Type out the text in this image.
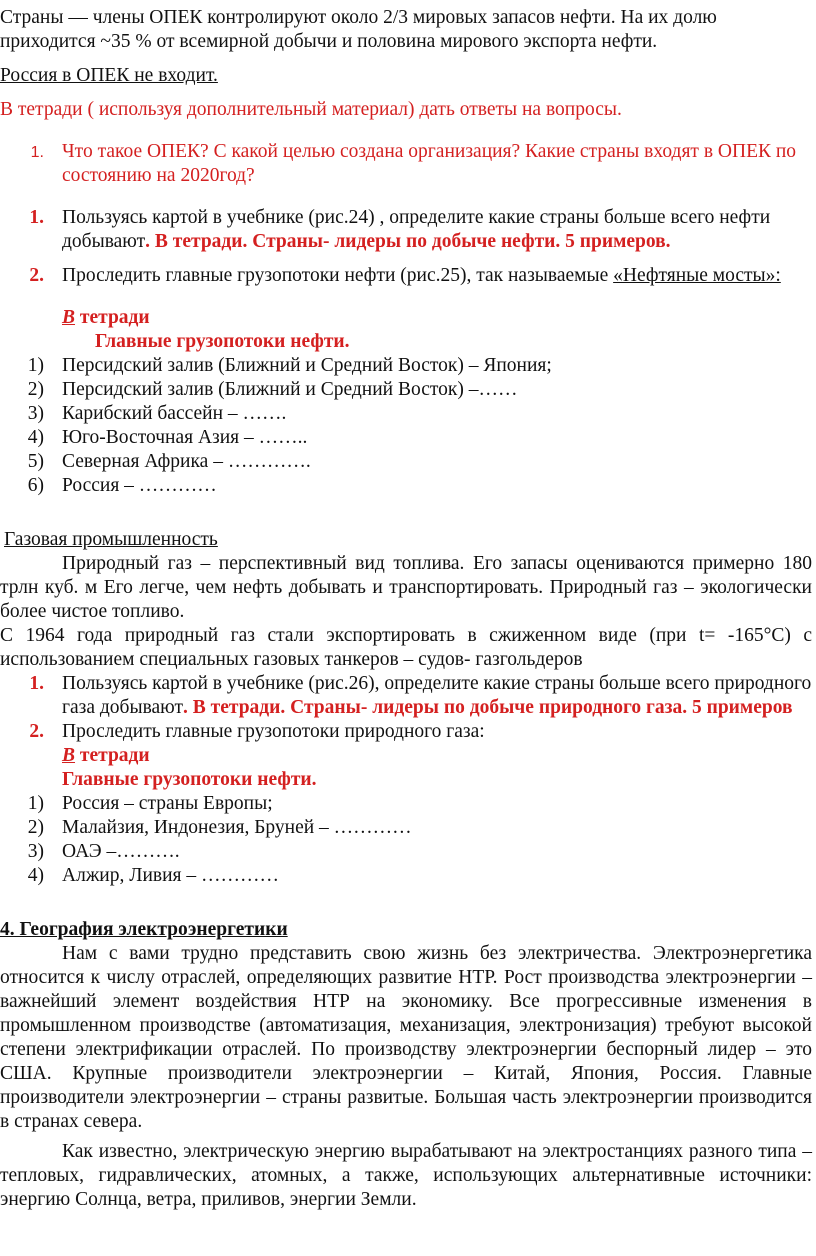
Страны — члены ОПЕК контролируют около 2/3 мировых запасов нефти. На их долю приходится ~35 % от всемирной добычи и половина мирового экспорта нефти.

Россия в ОПЕК не входит.

В тетради ( используя дополнительный материал) дать ответы на вопросы.

1. Что такое ОПЕК? С какой целью создана организация? Какие страны входят в ОПЕК по состоянию на 2020год?
1. Пользуясь картой в учебнике (рис.24) , определите какие страны больше всего нефти добывают. В тетради. Страны- лидеры по добыче нефти. 5 примеров.
2. Проследить главные грузопотоки нефти (рис.25), так называемые «Нефтяные мосты»:
В тетради
Главные грузопотоки нефти.
1) Персидский залив (Ближний и Средний Восток) – Япония;
2) Персидский залив (Ближний и Средний Восток) –……
3) Карибский бассейн – …….
4) Юго-Восточная Азия – ……..
5) Северная Африка – ………….
6) Россия – …………

Газовая промышленность

Природный газ – перспективный вид топлива. Его запасы оцениваются примерно 180 трлн куб. м Его легче, чем нефть добывать и транспортировать. Природный газ – экологически более чистое топливо.

С 1964 года природный газ стали экспортировать в сжиженном виде (при t= -165°С) с использованием специальных газовых танкеров – судов- газгольдеров

1. Пользуясь картой в учебнике (рис.26), определите какие страны больше всего природного газа добывают. В тетради. Страны- лидеры по добыче природного газа. 5 примеров
2. Проследить главные грузопотоки природного газа:
В тетради
Главные грузопотоки нефти.
1) Россия – страны Европы;
2) Малайзия, Индонезия, Бруней – …………
3) ОАЭ –……….
4) Алжир, Ливия – …………

4. География электроэнергетики

Нам с вами трудно представить свою жизнь без электричества. Электроэнергетика относится к числу отраслей, определяющих развитие НТР. Рост производства электроэнергии – важнейший элемент воздействия НТР на экономику. Все прогрессивные изменения в промышленном производстве (автоматизация, механизация, электронизация) требуют высокой степени электрификации отраслей. По производству электроэнергии беспорный лидер – это США. Крупные производители электроэнергии – Китай, Япония, Россия. Главные производители электроэнергии – страны развитые. Большая часть электроэнергии производится в странах севера.

Как известно, электрическую энергию вырабатывают на электростанциях разного типа – тепловых, гидравлических, атомных, а также, использующих альтернативные источники: энергию Солнца, ветра, приливов, энергии Земли.
